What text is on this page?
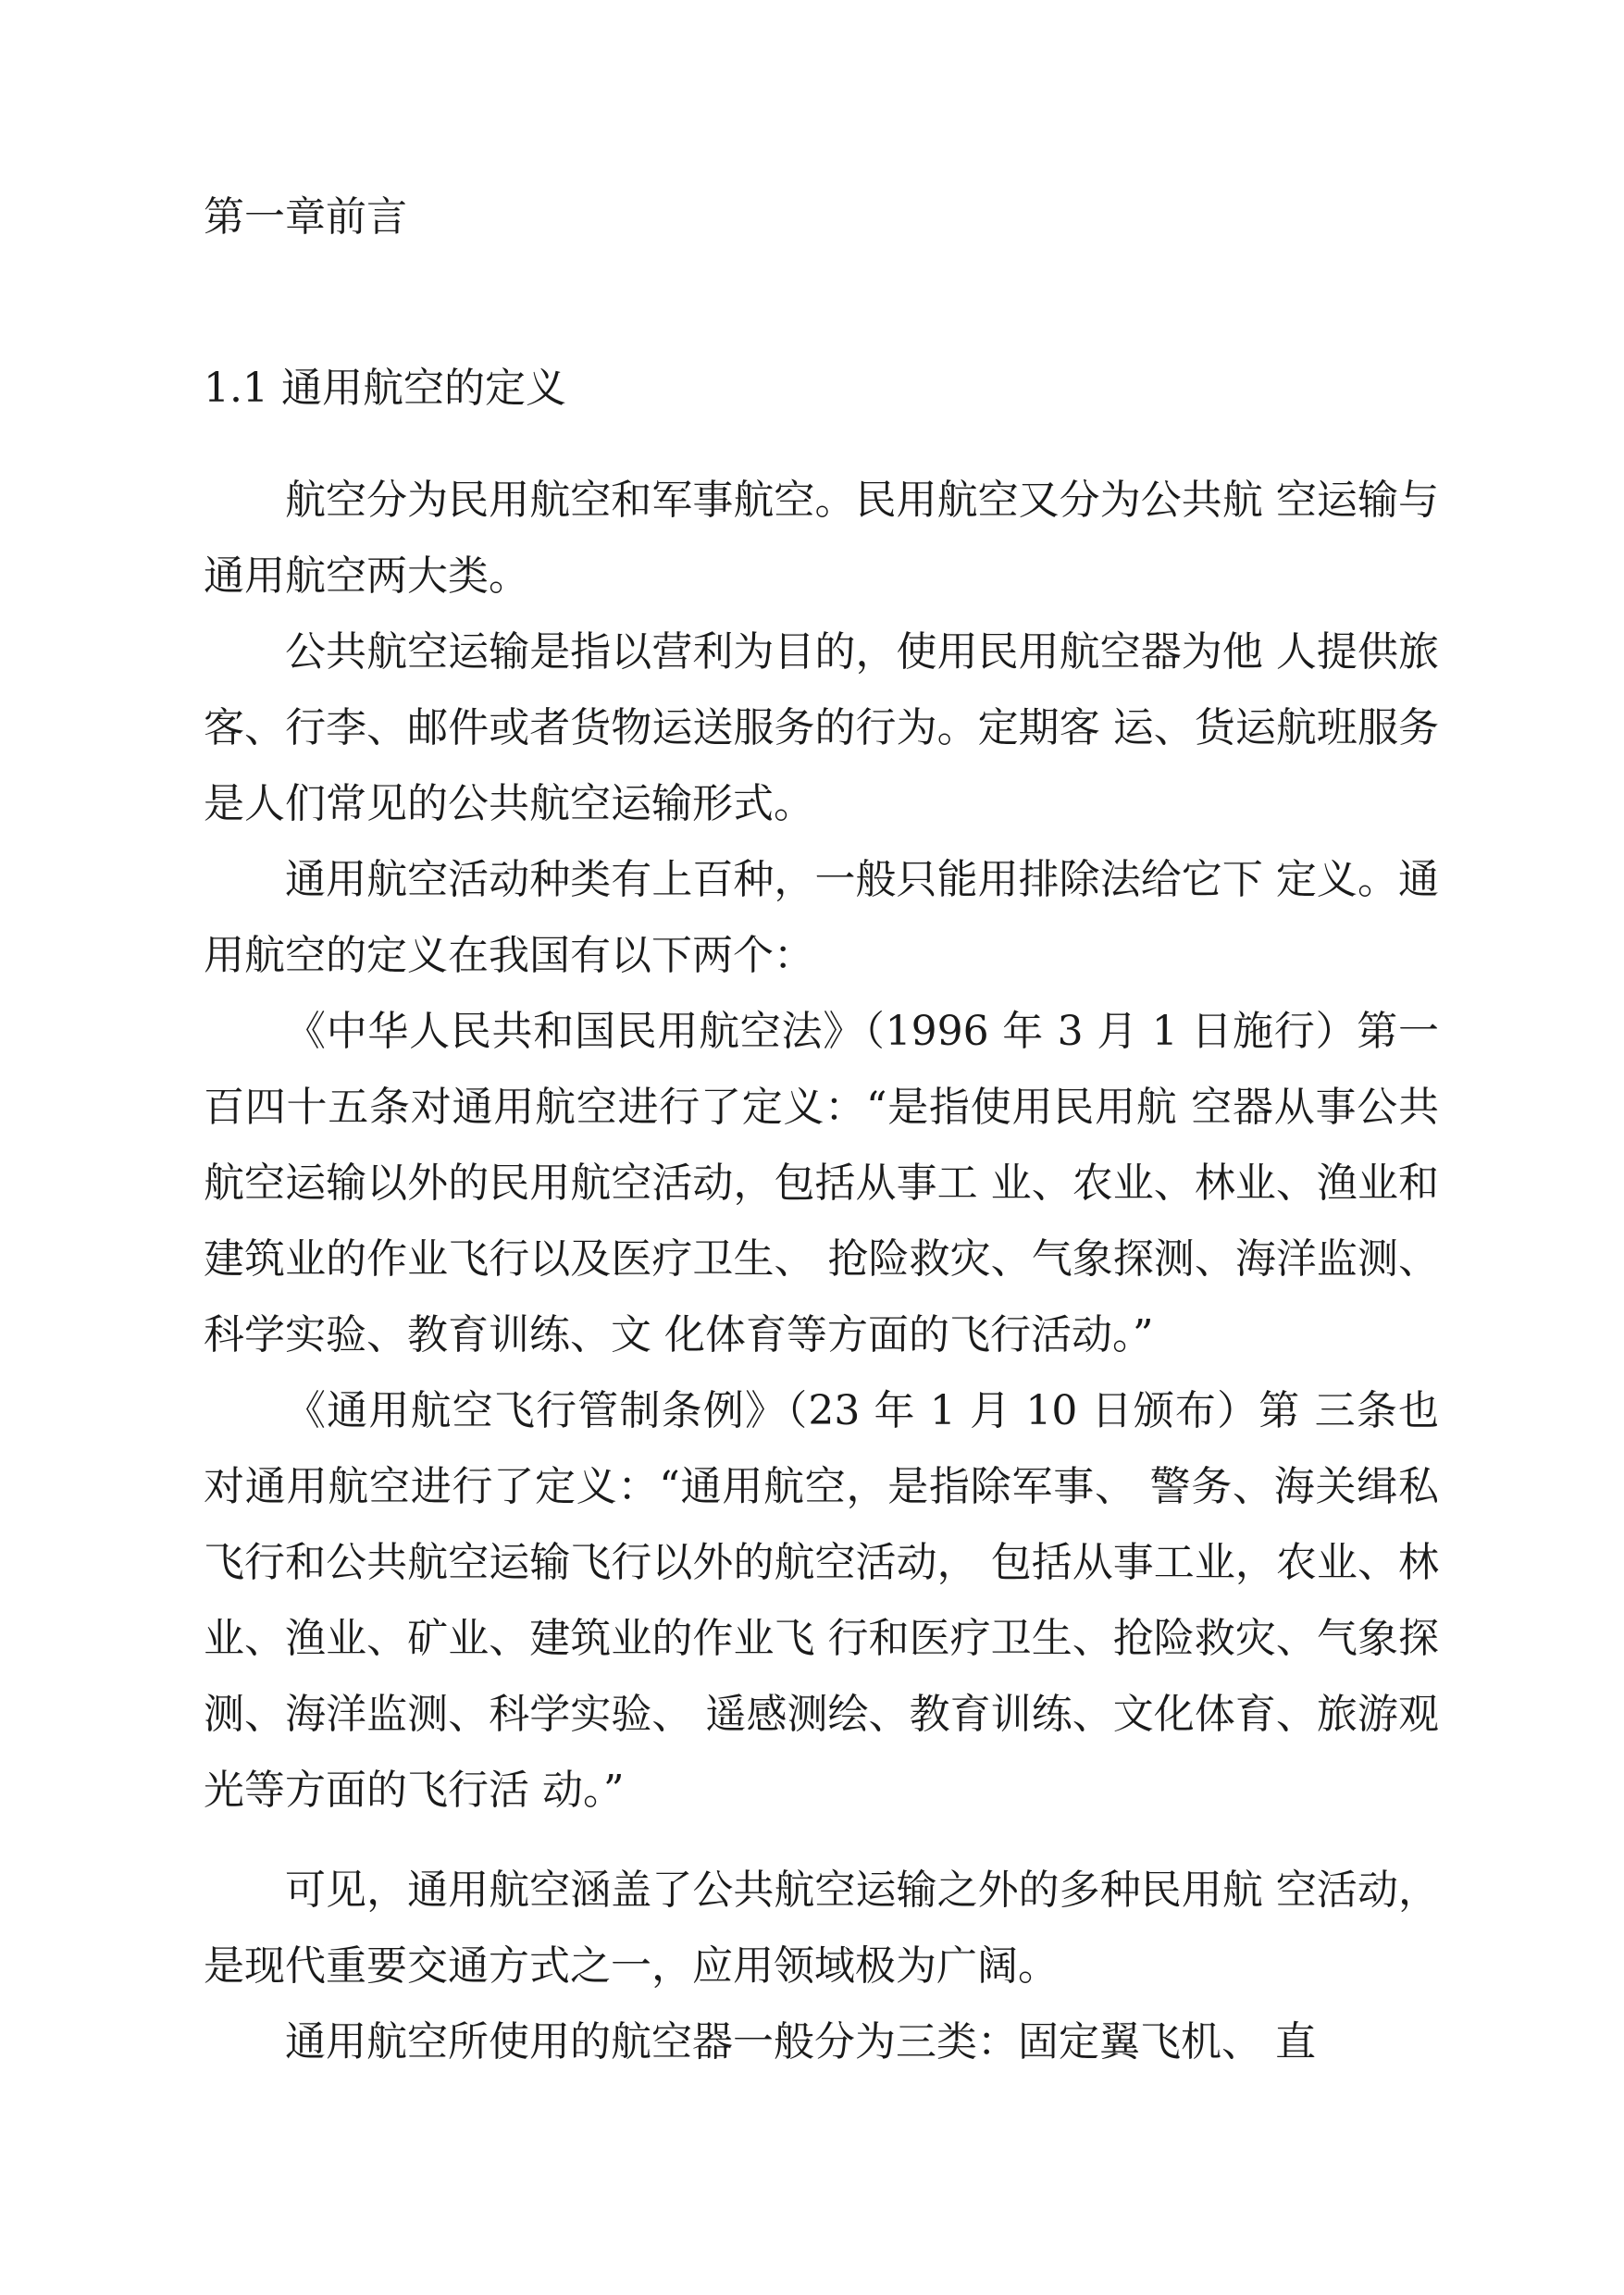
第一章前言
1.1 通用航空的定义

航空分为民用航空和军事航空。民用航空又分为公共航 空运输与通用航空两大类。

公共航空运输是指以营利为目的，使用民用航空器为他 人提供旅客、行李、邮件或者货物运送服务的行为。定期客 运、货运航班服务是人们常见的公共航空运输形式。

通用航空活动种类有上百种，一般只能用排除法给它下 定义。通用航空的定义在我国有以下两个：

《中华人民共和国民用航空法》（1996 年 3 月 1 日施行）第一百四十五条对通用航空进行了定义：“是指使用民用航 空器从事公共航空运输以外的民用航空活动，包括从事工 业、农业、林业、渔业和建筑业的作业飞行以及医疗卫生、 抢险救灾、气象探测、海洋监测、科学实验、教育训练、文 化体育等方面的飞行活动。”

《通用航空飞行管制条例》（23 年 1 月 10 日颁布）第 三条也对通用航空进行了定义：“通用航空，是指除军事、 警务、海关缉私飞行和公共航空运输飞行以外的航空活动， 包括从事工业，农业、林业、渔业、矿业、建筑业的作业飞 行和医疗卫生、抢险救灾、气象探测、海洋监测、科学实验、 遥感测绘、教育训练、文化体育、旅游观光等方面的飞行活 动。”

可见，通用航空涵盖了公共航空运输之外的多种民用航 空活动，是现代重要交通方式之一，应用领域极为广阔。

通用航空所使用的航空器一般分为三类：固定翼飞机、 直
